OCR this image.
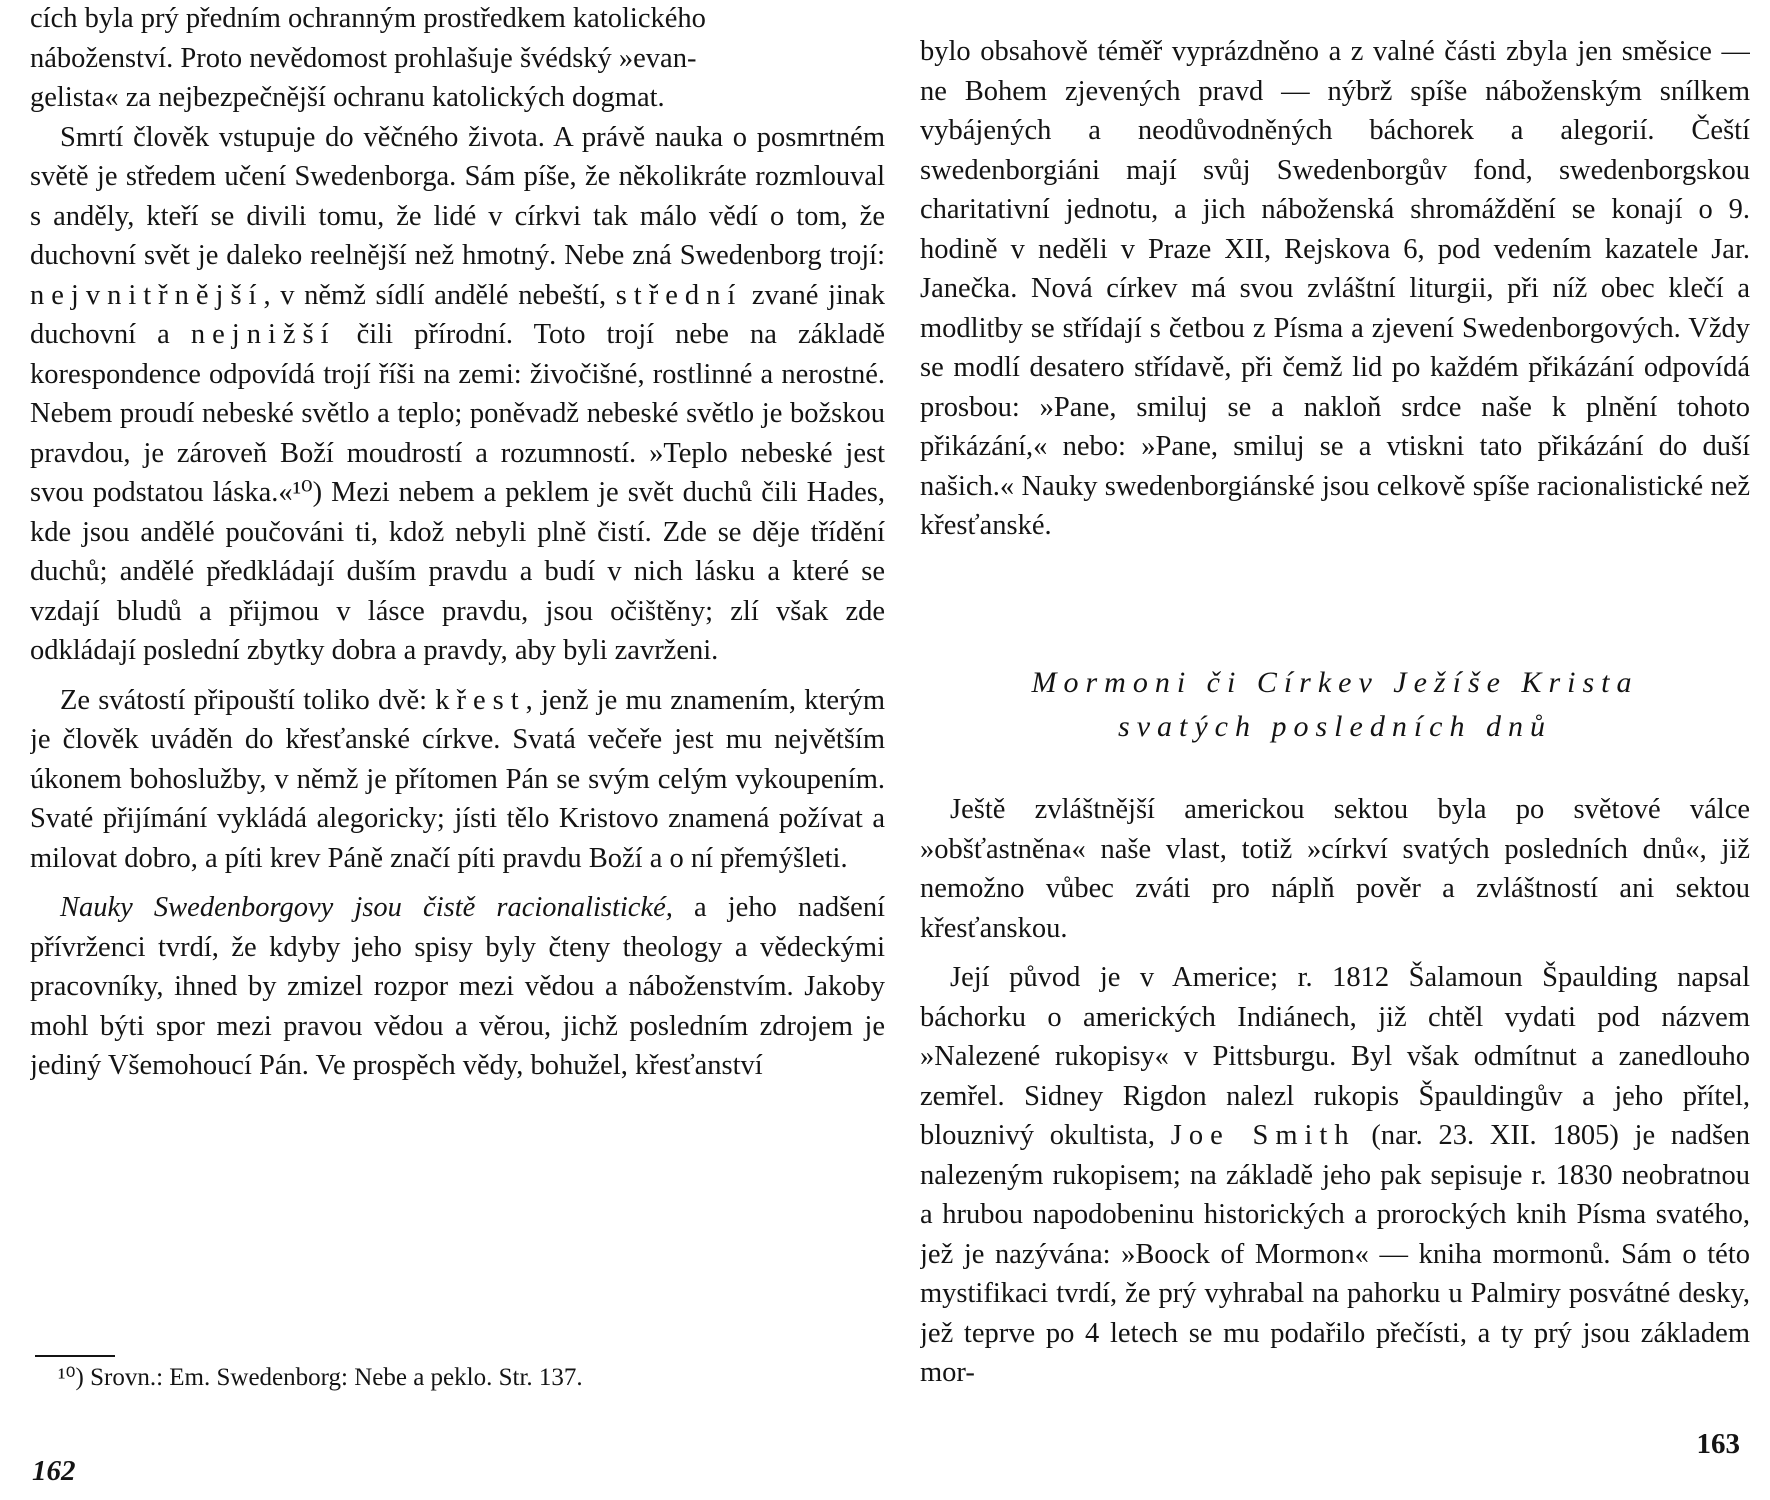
cích byla prý předním ochranným prostředkem katolického

náboženství. Proto nevědomost prohlašuje švédský »evan-

gelista« za nejbezpečnější ochranu katolických dogmat.

Smrtí člověk vstupuje do věčného života. A právě nauka o posmrtném světě je středem učení Swedenborga. Sám píše, že několikráte rozmlouval s anděly, kteří se divili tomu, že lidé v církvi tak málo vědí o tom, že duchovní svět je daleko reelnější než hmotný. Nebe zná Swedenborg trojí: nejvnitřnější, v němž sídlí andělé nebeští, střední zvané jinak duchovní a nejnižší čili přírodní. Toto trojí nebe na základě korespondence odpovídá trojí říši na zemi: živočišné, rostlinné a nerostné. Nebem proudí nebeské světlo a teplo; poněvadž nebeské světlo je božskou pravdou, je zároveň Boží moudrostí a rozumností. »Teplo nebeské jest svou podstatou láska.«¹⁰) Mezi nebem a peklem je svět duchů čili Hades, kde jsou andělé poučováni ti, kdož nebyli plně čistí. Zde se děje třídění duchů; andělé předkládají duším pravdu a budí v nich lásku a které se vzdají bludů a přijmou v lásce pravdu, jsou očištěny; zlí však zde odkládají poslední zbytky dobra a pravdy, aby byli zavrženi.

Ze svátostí připouští toliko dvě: křest, jenž je mu znamením, kterým je člověk uváděn do křesťanské církve. Svatá večeře jest mu největším úkonem bohoslužby, v němž je přítomen Pán se svým celým vykoupením. Svaté přijímání vykládá alegoricky; jísti tělo Kristovo znamená požívat a milovat dobro, a píti krev Páně značí píti pravdu Boží a o ní přemýšleti.

Nauky Swedenborgovy jsou čistě racionalistické, a jeho nadšení přívrženci tvrdí, že kdyby jeho spisy byly čteny theology a vědeckými pracovníky, ihned by zmizel rozpor mezi vědou a náboženstvím. Jakoby mohl býti spor mezi pravou vědou a věrou, jichž posledním zdrojem je jediný Všemohoucí Pán. Ve prospěch vědy, bohužel, křesťanství

¹⁰) Srovn.: Em. Swedenborg: Nebe a peklo. Str. 137.
162

bylo obsahově téměř vyprázdněno a z valné části zbyla jen směsice — ne Bohem zjevených pravd — nýbrž spíše náboženským snílkem vybájených a neodůvodněných báchorek a alegorií. Čeští swedenborgiáni mají svůj Swedenborgův fond, swedenborgskou charitativní jednotu, a jich náboženská shromáždění se konají o 9. hodině v neděli v Praze XII, Rejskova 6, pod vedením kazatele Jar. Janečka. Nová církev má svou zvláštní liturgii, při níž obec klečí a modlitby se střídají s četbou z Písma a zjevení Swedenborgových. Vždy se modlí desatero střídavě, při čemž lid po každém přikázání odpovídá prosbou: »Pane, smiluj se a nakloň srdce naše k plnění tohoto přikázání,« nebo: »Pane, smiluj se a vtiskni tato přikázání do duší našich.« Nauky swedenborgiánské jsou celkově spíše racionalistické než křesťanské.

Mormoni či Církev Ježíše Krista
svatých posledních dnů

Ještě zvláštnější americkou sektou byla po světové válce »obšťastněna« naše vlast, totiž »církví svatých posledních dnů«, již nemožno vůbec zváti pro náplň pověr a zvláštností ani sektou křesťanskou.

Její původ je v Americe; r. 1812 Šalamoun Špaulding napsal báchorku o amerických Indiánech, již chtěl vydati pod názvem »Nalezené rukopisy« v Pittsburgu. Byl však odmítnut a zanedlouho zemřel. Sidney Rigdon nalezl rukopis Špauldingův a jeho přítel, blouznivý okultista, Joe Smith (nar. 23. XII. 1805) je nadšen nalezeným rukopisem; na základě jeho pak sepisuje r. 1830 neobratnou a hrubou napodobeninu historických a prorockých knih Písma svatého, jež je nazývána: »Boock of Mormon« — kniha mormonů. Sám o této mystifikaci tvrdí, že prý vyhrabal na pahorku u Palmiry posvátné desky, jež teprve po 4 letech se mu podařilo přečísti, a ty prý jsou základem mor-

163
